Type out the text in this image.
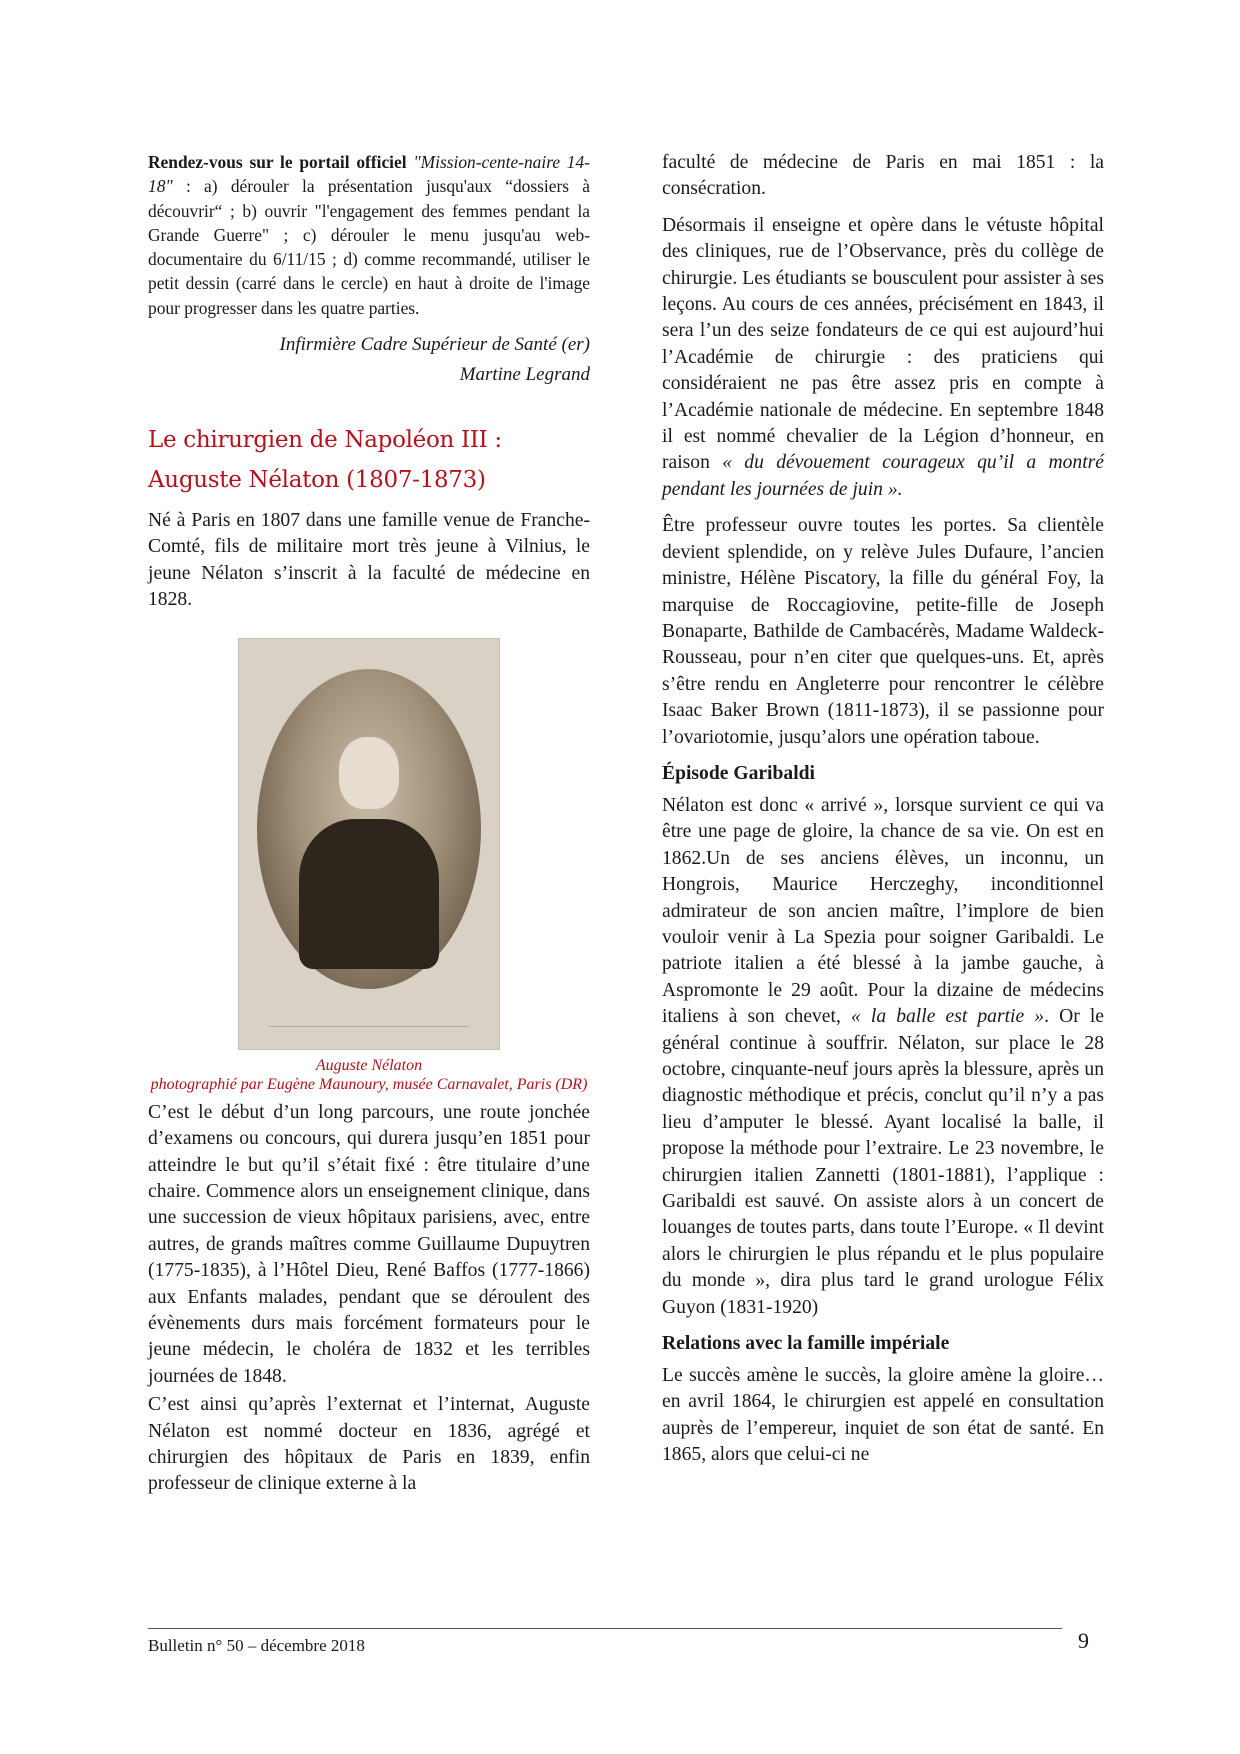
Rendez-vous sur le portail officiel "Mission-cente-naire 14-18" : a) dérouler la présentation jusqu'aux “dossiers à découvrir“ ; b) ouvrir "l'engagement des femmes pendant la Grande Guerre" ; c) dérouler le menu jusqu'au web-documentaire du 6/11/15 ; d) comme recommandé, utiliser le petit dessin (carré dans le cercle) en haut à droite de l'image pour progresser dans les quatre parties.

Infirmière Cadre Supérieur de Santé (er)

Martine Legrand

Le chirurgien de Napoléon III :
Auguste Nélaton (1807-1873)

Né à Paris en 1807 dans une famille venue de Franche-Comté, fils de militaire mort très jeune à Vilnius, le jeune Nélaton s’inscrit à la faculté de médecine en 1828.

Auguste Nélaton
photographié par Eugène Maunoury, musée Carnavalet, Paris (DR)

C’est le début d’un long parcours, une route jonchée d’examens ou concours, qui durera jusqu’en 1851 pour atteindre le but qu’il s’était fixé : être titulaire d’une chaire. Commence alors un enseignement clinique, dans une succession de vieux hôpitaux parisiens, avec, entre autres, de grands maîtres comme Guillaume Dupuytren (1775-1835), à l’Hôtel Dieu, René Baffos (1777-1866) aux Enfants malades, pendant que se déroulent des évènements durs mais forcément formateurs pour le jeune médecin, le choléra de 1832 et les terribles journées de 1848.

C’est ainsi qu’après l’externat et l’internat, Auguste Nélaton est nommé docteur en 1836, agrégé et chirurgien des hôpitaux de Paris en 1839, enfin professeur de clinique externe à la

faculté de médecine de Paris en mai 1851 : la consécration.

Désormais il enseigne et opère dans le vétuste hôpital des cliniques, rue de l’Observance, près du collège de chirurgie. Les étudiants se bousculent pour assister à ses leçons. Au cours de ces années, précisément en 1843, il sera l’un des seize fondateurs de ce qui est aujourd’hui l’Académie de chirurgie : des praticiens qui considéraient ne pas être assez pris en compte à l’Académie nationale de médecine. En septembre 1848 il est nommé chevalier de la Légion d’honneur, en raison « du dévouement courageux qu’il a montré pendant les journées de juin ».

Être professeur ouvre toutes les portes. Sa clientèle devient splendide, on y relève Jules Dufaure, l’ancien ministre, Hélène Piscatory, la fille du général Foy, la marquise de Roccagiovine, petite-fille de Joseph Bonaparte, Bathilde de Cambacérès, Madame Waldeck-Rousseau, pour n’en citer que quelques-uns. Et, après s’être rendu en Angleterre pour rencontrer le célèbre Isaac Baker Brown (1811-1873), il se passionne pour l’ovariotomie, jusqu’alors une opération taboue.

Épisode Garibaldi

Nélaton est donc « arrivé », lorsque survient ce qui va être une page de gloire, la chance de sa vie. On est en 1862.Un de ses anciens élèves, un inconnu, un Hongrois, Maurice Herczeghy, inconditionnel admirateur de son ancien maître, l’implore de bien vouloir venir à La Spezia pour soigner Garibaldi. Le patriote italien a été blessé à la jambe gauche, à Aspromonte le 29 août. Pour la dizaine de médecins italiens à son chevet, « la balle est partie ». Or le général continue à souffrir. Nélaton, sur place le 28 octobre, cinquante-neuf jours après la blessure, après un diagnostic méthodique et précis, conclut qu’il n’y a pas lieu d’amputer le blessé. Ayant localisé la balle, il propose la méthode pour l’extraire. Le 23 novembre, le chirurgien italien Zannetti (1801-1881), l’applique : Garibaldi est sauvé. On assiste alors à un concert de louanges de toutes parts, dans toute l’Europe. « Il devint alors le chirurgien le plus répandu et le plus populaire du monde », dira plus tard le grand urologue Félix Guyon (1831-1920)

Relations avec la famille impériale

Le succès amène le succès, la gloire amène la gloire… en avril 1864, le chirurgien est appelé en consultation auprès de l’empereur, inquiet de son état de santé. En 1865, alors que celui-ci ne

Bulletin n° 50 – décembre 2018	9
